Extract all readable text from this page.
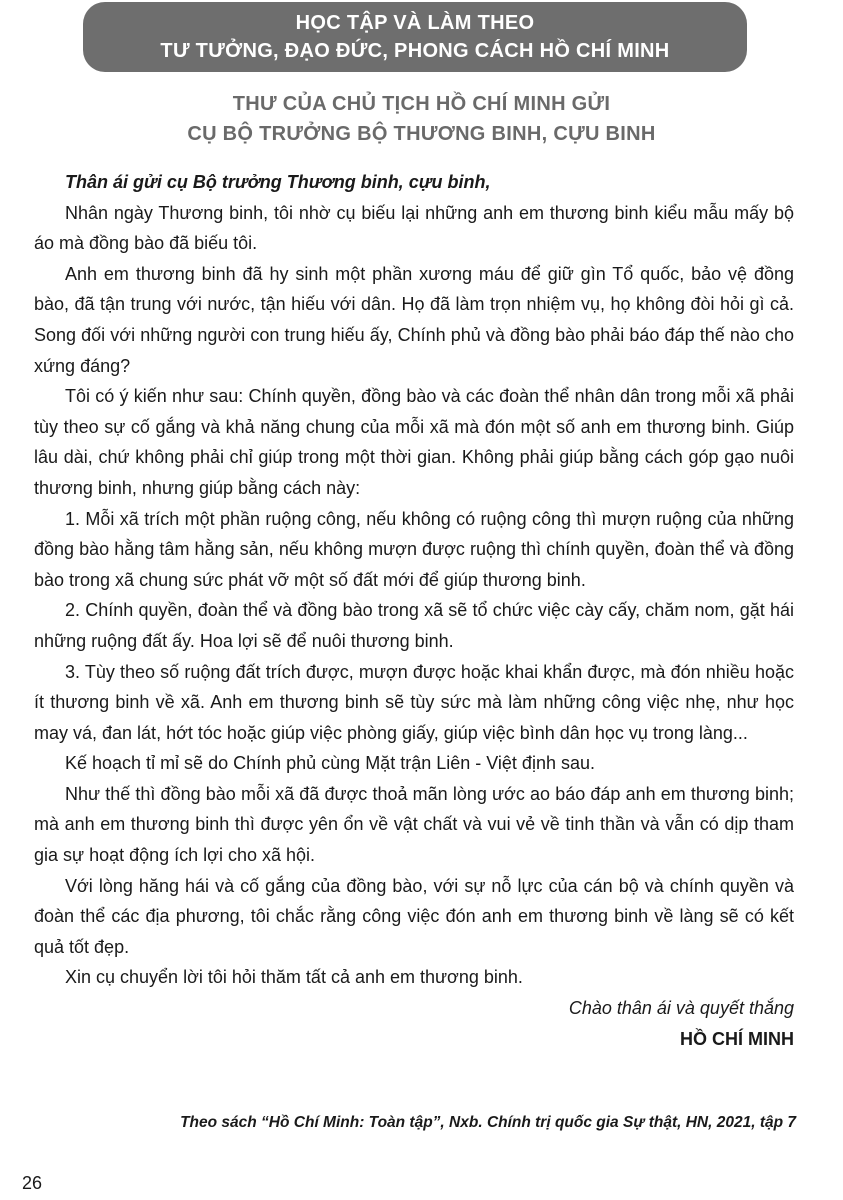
HỌC TẬP VÀ LÀM THEO
TƯ TƯỞNG, ĐẠO ĐỨC, PHONG CÁCH HỒ CHÍ MINH
THƯ CỦA CHỦ TỊCH HỒ CHÍ MINH GỬI
CỤ BỘ TRƯỞNG BỘ THƯƠNG BINH, CỰU BINH

Thân ái gửi cụ Bộ trưởng Thương binh, cựu binh,

Nhân ngày Thương binh, tôi nhờ cụ biếu lại những anh em thương binh kiểu mẫu mấy bộ áo mà đồng bào đã biếu tôi.

Anh em thương binh đã hy sinh một phần xương máu để giữ gìn Tổ quốc, bảo vệ đồng bào, đã tận trung với nước, tận hiếu với dân. Họ đã làm trọn nhiệm vụ, họ không đòi hỏi gì cả. Song đối với những người con trung hiếu ấy, Chính phủ và đồng bào phải báo đáp thế nào cho xứng đáng?

Tôi có ý kiến như sau: Chính quyền, đồng bào và các đoàn thể nhân dân trong mỗi xã phải tùy theo sự cố gắng và khả năng chung của mỗi xã mà đón một số anh em thương binh. Giúp lâu dài, chứ không phải chỉ giúp trong một thời gian. Không phải giúp bằng cách góp gạo nuôi thương binh, nhưng giúp bằng cách này:

1. Mỗi xã trích một phần ruộng công, nếu không có ruộng công thì mượn ruộng của những đồng bào hằng tâm hằng sản, nếu không mượn được ruộng thì chính quyền, đoàn thể và đồng bào trong xã chung sức phát vỡ một số đất mới để giúp thương binh.

2. Chính quyền, đoàn thể và đồng bào trong xã sẽ tổ chức việc cày cấy, chăm nom, gặt hái những ruộng đất ấy. Hoa lợi sẽ để nuôi thương binh.

3. Tùy theo số ruộng đất trích được, mượn được hoặc khai khẩn được, mà đón nhiều hoặc ít thương binh về xã. Anh em thương binh sẽ tùy sức mà làm những công việc nhẹ, như học may vá, đan lát, hớt tóc hoặc giúp việc phòng giấy, giúp việc bình dân học vụ trong làng...

Kế hoạch tỉ mỉ sẽ do Chính phủ cùng Mặt trận Liên - Việt định sau.

Như thế thì đồng bào mỗi xã đã được thoả mãn lòng ước ao báo đáp anh em thương binh; mà anh em thương binh thì được yên ổn về vật chất và vui vẻ về tinh thần và vẫn có dịp tham gia sự hoạt động ích lợi cho xã hội.

Với lòng hăng hái và cố gắng của đồng bào, với sự nỗ lực của cán bộ và chính quyền và đoàn thể các địa phương, tôi chắc rằng công việc đón anh em thương binh về làng sẽ có kết quả tốt đẹp.

Xin cụ chuyển lời tôi hỏi thăm tất cả anh em thương binh.

Chào thân ái và quyết thắng

HỒ CHÍ MINH

Theo sách “Hồ Chí Minh: Toàn tập”, Nxb. Chính trị quốc gia Sự thật, HN, 2021, tập 7
26
